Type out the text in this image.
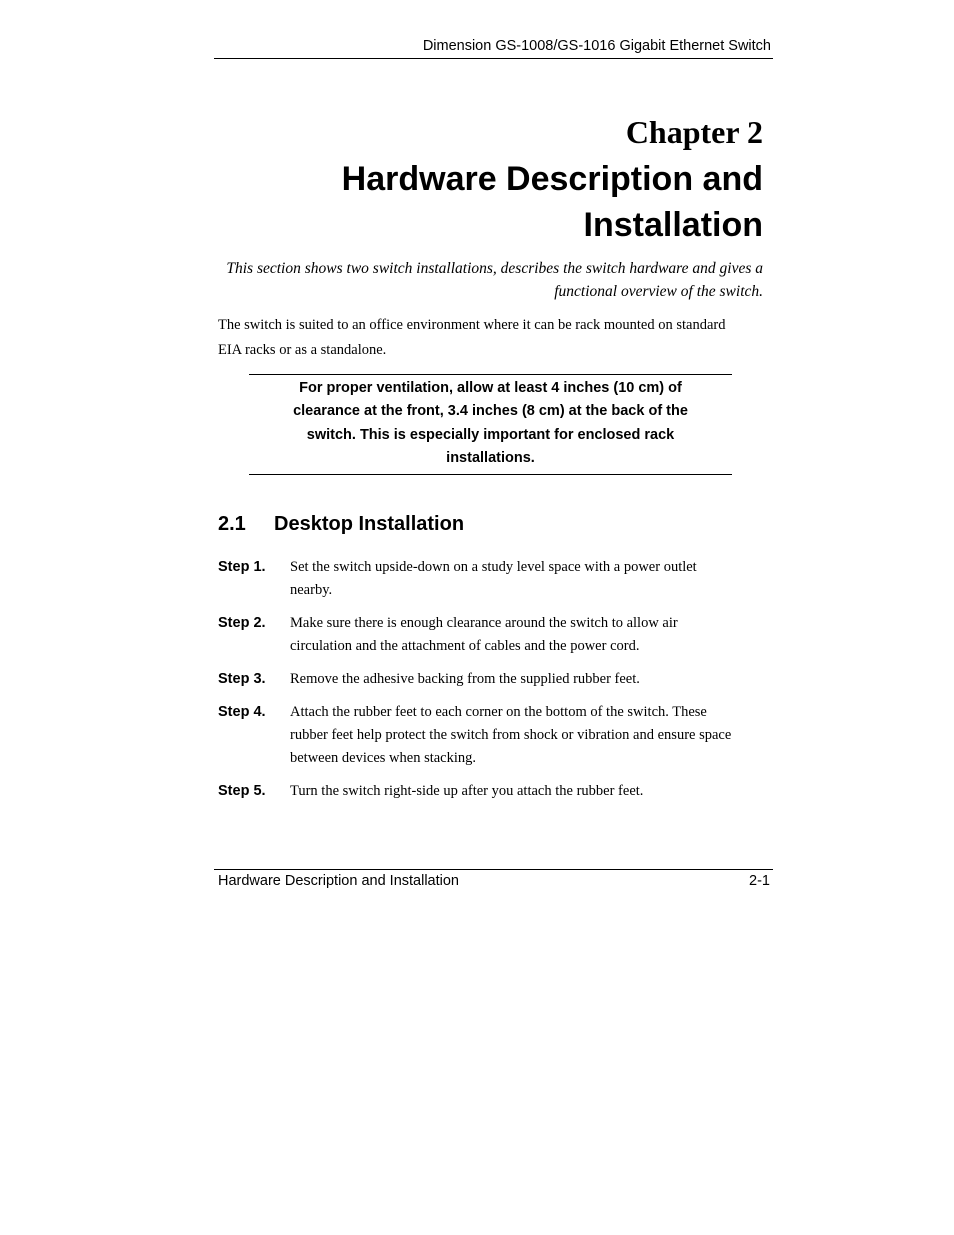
Dimension GS-1008/GS-1016 Gigabit Ethernet Switch
Chapter 2
Hardware Description and
Installation
This section shows two switch installations, describes the switch hardware and gives a functional overview of the switch.
The switch is suited to an office environment where it can be rack mounted on standard EIA racks or as a standalone.

For proper ventilation, allow at least 4 inches (10 cm) of clearance at the front, 3.4 inches (8 cm) at the back of the switch. This is especially important for enclosed rack installations.

2.1 Desktop Installation
Step 1.	Set the switch upside-down on a study level space with a power outlet nearby.
Step 2.	Make sure there is enough clearance around the switch to allow air circulation and the attachment of cables and the power cord.
Step 3.	Remove the adhesive backing from the supplied rubber feet.
Step 4.	Attach the rubber feet to each corner on the bottom of the switch. These rubber feet help protect the switch from shock or vibration and ensure space between devices when stacking.
Step 5.	Turn the switch right-side up after you attach the rubber feet.
Hardware Description and Installation	2-1
